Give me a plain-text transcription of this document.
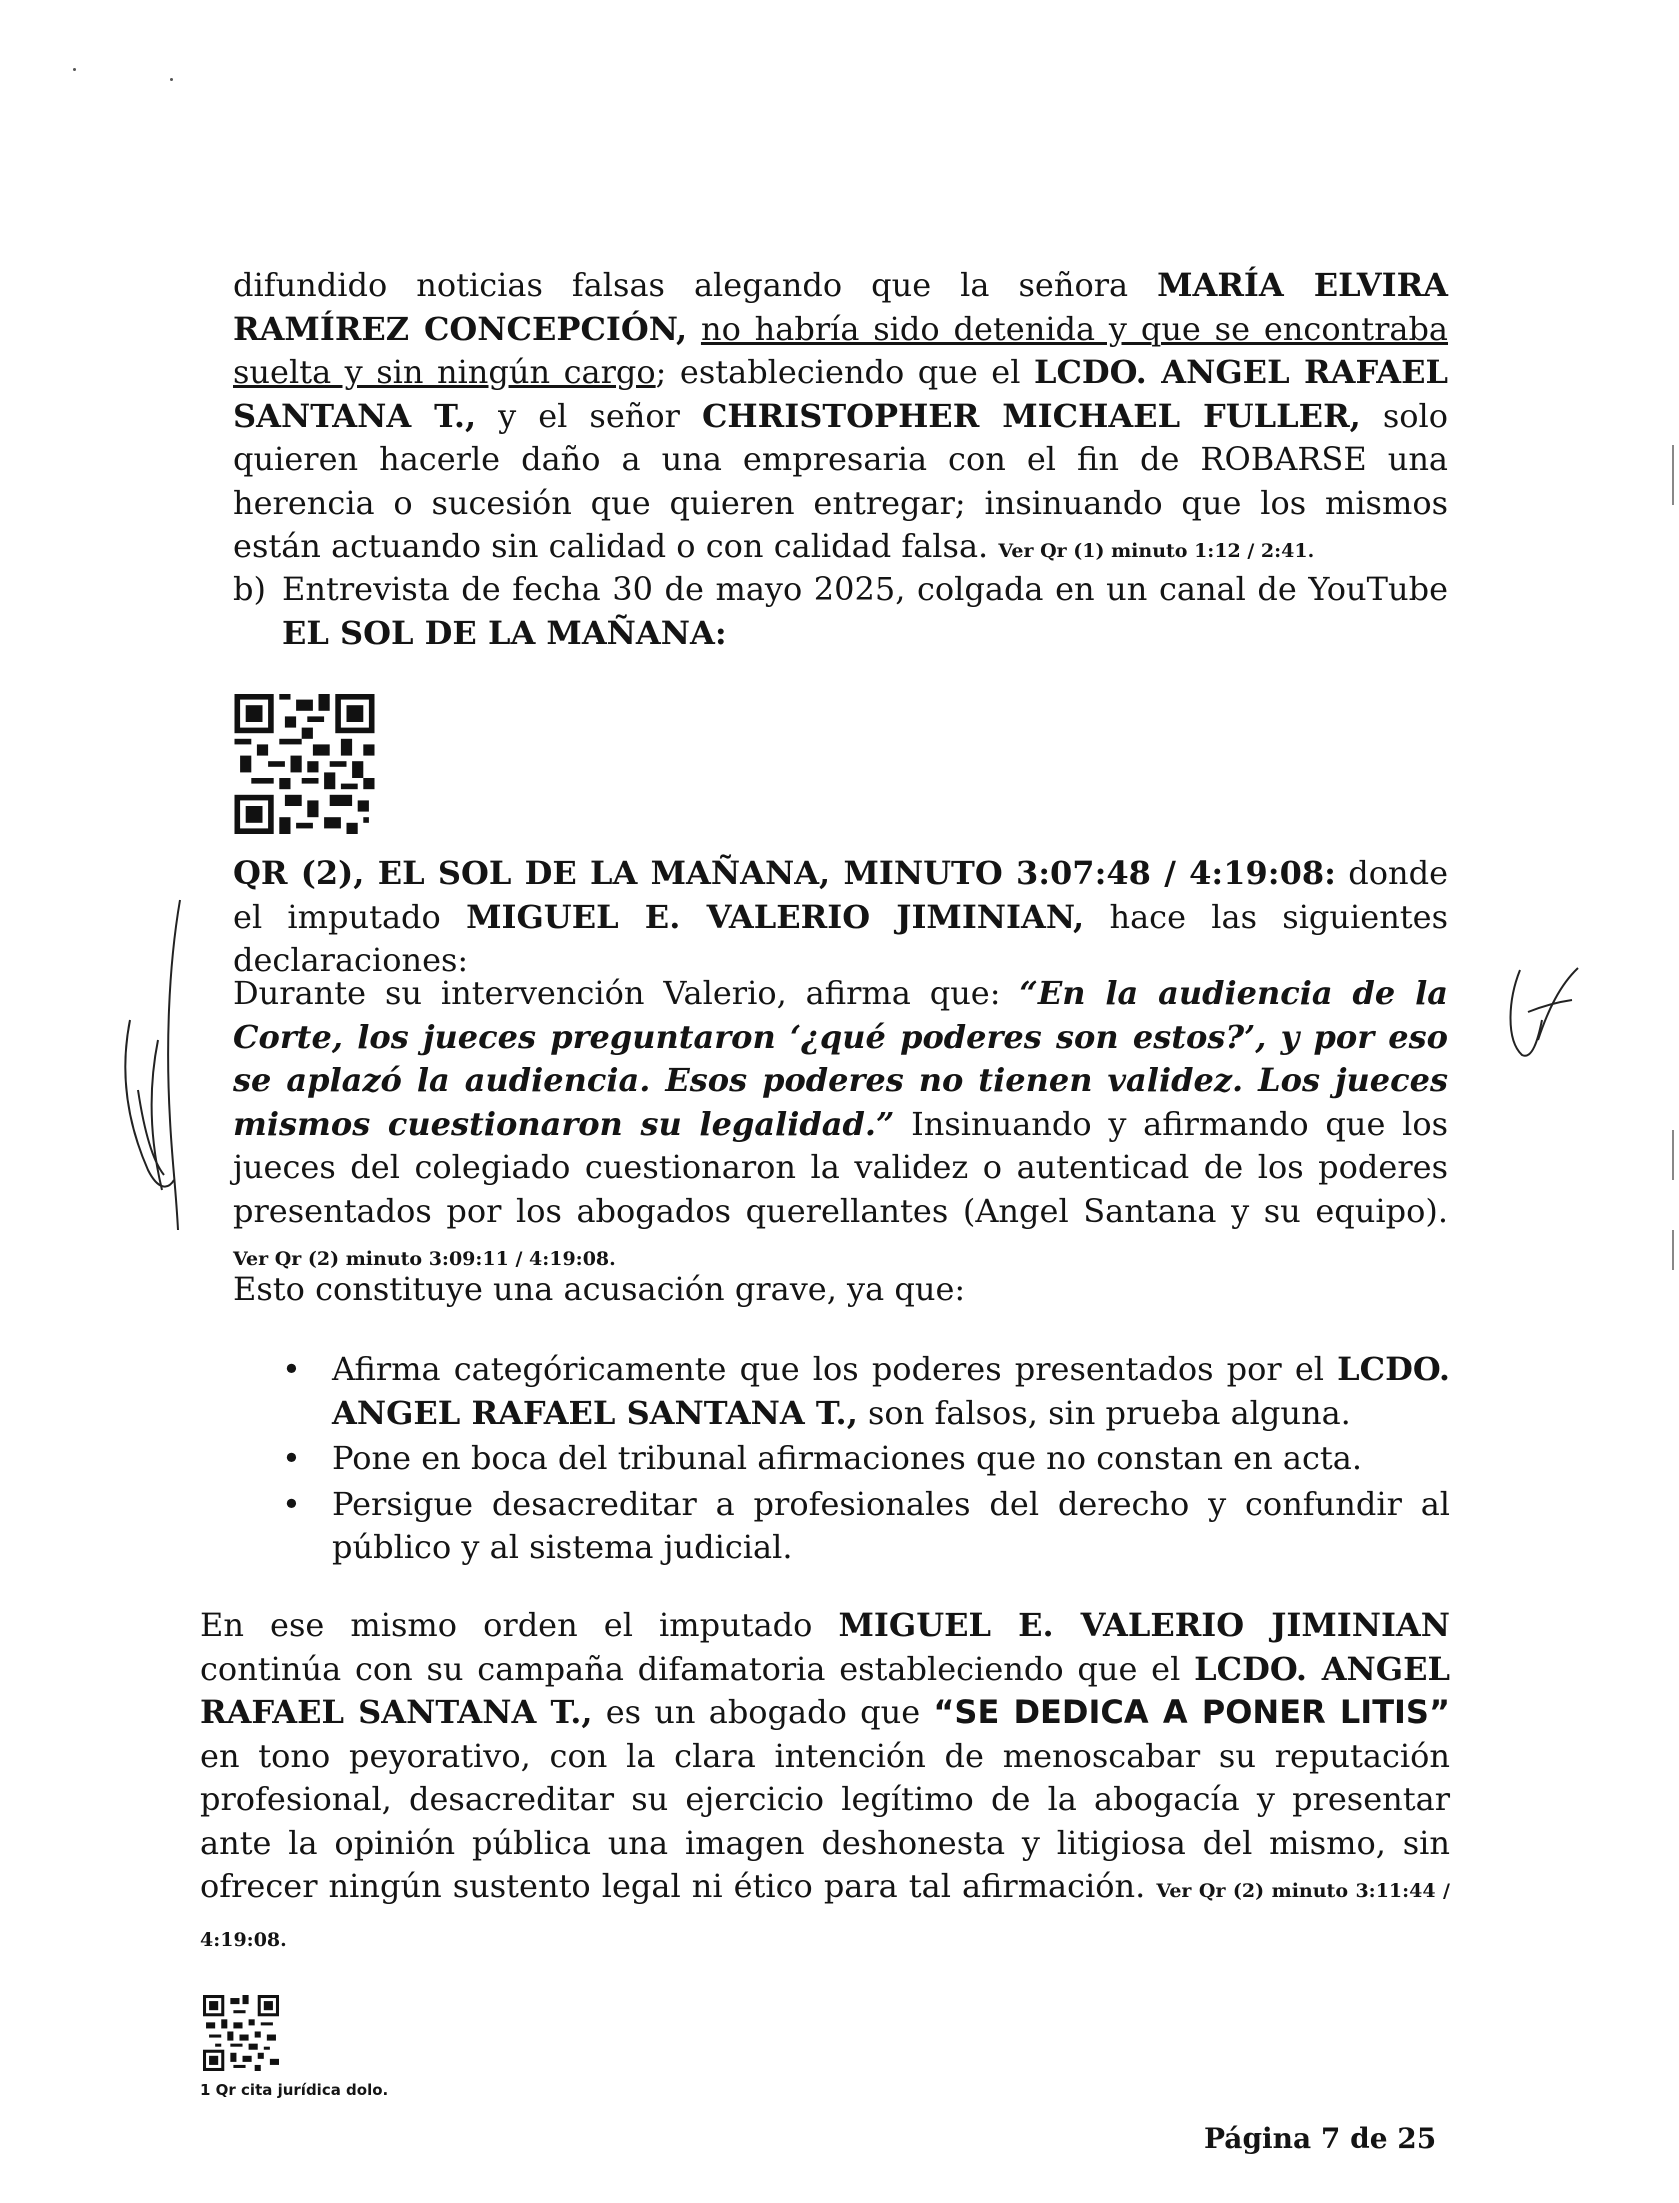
difundido noticias falsas alegando que la señora MARÍA ELVIRA RAMÍREZ CONCEPCIÓN, no habría sido detenida y que se encontraba suelta y sin ningún cargo; estableciendo que el LCDO. ANGEL RAFAEL SANTANA T., y el señor CHRISTOPHER MICHAEL FULLER, solo quieren hacerle daño a una empresaria con el fin de ROBARSE una herencia o sucesión que quieren entregar; insinuando que los mismos están actuando sin calidad o con calidad falsa. Ver Qr (1) minuto 1:12 / 2:41.
b) Entrevista de fecha 30 de mayo 2025, colgada en un canal de YouTube EL SOL DE LA MAÑANA:
QR (2), EL SOL DE LA MAÑANA, MINUTO 3:07:48 / 4:19:08: donde el imputado MIGUEL E. VALERIO JIMINIAN, hace las siguientes declaraciones:
Durante su intervención Valerio, afirma que: “En la audiencia de la Corte, los jueces preguntaron ‘¿qué poderes son estos?’, y por eso se aplazó la audiencia. Esos poderes no tienen validez. Los jueces mismos cuestionaron su legalidad.” Insinuando y afirmando que los jueces del colegiado cuestionaron la validez o autenticad de los poderes presentados por los abogados querellantes (Angel Santana y su equipo). Ver Qr (2) minuto 3:09:11 / 4:19:08.
Esto constituye una acusación grave, ya que:
• Afirma categóricamente que los poderes presentados por el LCDO. ANGEL RAFAEL SANTANA T., son falsos, sin prueba alguna.
• Pone en boca del tribunal afirmaciones que no constan en acta.
• Persigue desacreditar a profesionales del derecho y confundir al público y al sistema judicial.
En ese mismo orden el imputado MIGUEL E. VALERIO JIMINIAN continúa con su campaña difamatoria estableciendo que el LCDO. ANGEL RAFAEL SANTANA T., es un abogado que “SE DEDICA A PONER LITIS” en tono peyorativo, con la clara intención de menoscabar su reputación profesional, desacreditar su ejercicio legítimo de la abogacía y presentar ante la opinión pública una imagen deshonesta y litigiosa del mismo, sin ofrecer ningún sustento legal ni ético para tal afirmación. Ver Qr (2) minuto 3:11:44 / 4:19:08.
1 Qr cita jurídica dolo.
Página 7 de 25
